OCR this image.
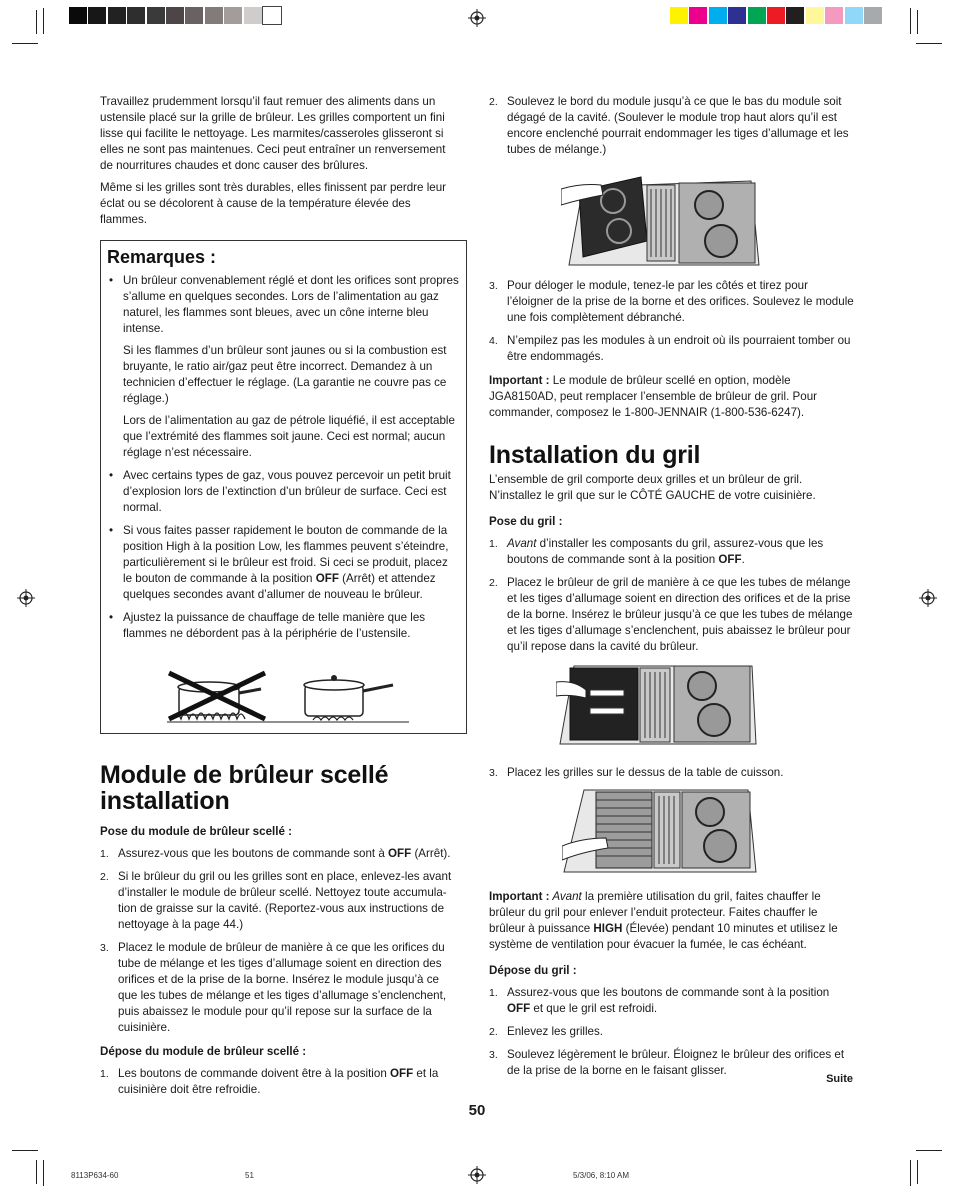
Travaillez prudemment lorsqu’il faut remuer des aliments dans un ustensile placé sur la grille de brûleur. Les grilles comportent un fini lisse qui facilite le nettoyage. Les marmites/casseroles glisseront si elles ne sont pas maintenues. Ceci peut entraîner un renversement de nourritures chaudes et donc causer des brûlures.

Même si les grilles sont très durables, elles finissent par perdre leur éclat ou se décolorent à cause de la température élevée des flammes.

Remarques :
• Un brûleur convenablement réglé et dont les orifices sont propres s’allume en quelques secondes. Lors de l’alimentation au gaz naturel, les flammes sont bleues, avec un cône interne bleu intense.

Si les flammes d’un brûleur sont jaunes ou si la combustion est bruyante, le ratio air/gaz peut être incorrect. Demandez à un technicien d’effectuer le réglage. (La garantie ne couvre pas ce réglage.)

Lors de l’alimentation au gaz de pétrole liquéfié, il est acceptable que l’extrémité des flammes soit jaune. Ceci est normal; aucun réglage n’est nécessaire.

• Avec certains types de gaz, vous pouvez percevoir un petit bruit d’explosion lors de l’extinction d’un brûleur de surface. Ceci est normal.
• Si vous faites passer rapidement le bouton de commande de la position High à la position Low, les flammes peuvent s’éteindre, particulièrement si le brûleur est froid. Si ceci se produit, placez le bouton de commande à la position OFF (Arrêt) et attendez quelques secondes avant d’allumer de nouveau le brûleur.
• Ajustez la puissance de chauffage de telle manière que les flammes ne débordent pas à la périphérie de l’ustensile.
Module de brûleur scellé
installation
Pose du module de brûleur scellé :
1. Assurez-vous que les boutons de commande sont à OFF (Arrêt).
2. Si le brûleur du gril ou les grilles sont en place, enlevez-les avant d’installer le module de brûleur scellé. Nettoyez toute accumula-tion de graisse sur la cavité. (Reportez-vous aux instructions de nettoyage à la page 44.)
3. Placez le module de brûleur de manière à ce que les orifices du tube de mélange et les tiges d’allumage soient en direction des orifices et de la prise de la borne. Insérez le module jusqu’à ce que les tubes de mélange et les tiges d’allumage s’enclenchent, puis abaissez le module pour qu’il repose sur la surface de la cuisinière.
Dépose du module de brûleur scellé :
1. Les boutons de commande doivent être à la position OFF et la cuisinière doit être refroidie.
2. Soulevez le bord du module jusqu’à ce que le bas du module soit dégagé de la cavité. (Soulever le module trop haut alors qu’il est encore enclenché pourrait endommager les tiges d’allumage et les tubes de mélange.)
3. Pour déloger le module, tenez-le par les côtés et tirez pour l’éloigner de la prise de la borne et des orifices. Soulevez le module une fois complètement débranché.
4. N’empilez pas les modules à un endroit où ils pourraient tomber ou être endommagés.

Important : Le module de brûleur scellé en option, modèle JGA8150AD, peut remplacer l’ensemble de brûleur de gril. Pour commander, composez le 1-800-JENNAIR (1-800-536-6247).

Installation du gril

L’ensemble de gril comporte deux grilles et un brûleur de gril. N’installez le gril que sur le CÔTÉ GAUCHE de votre cuisinière.

Pose du gril :
1. Avant d’installer les composants du gril, assurez-vous que les boutons de commande sont à la position OFF.
2. Placez le brûleur de gril de manière à ce que les tubes de mélange et les tiges d’allumage soient en direction des orifices et de la prise de la borne. Insérez le brûleur jusqu’à ce que les tubes de mélange et les tiges d’allumage s’enclenchent, puis abaissez le brûleur pour qu’il repose dans la cavité du brûleur.
3. Placez les grilles sur le dessus de la table de cuisson.

Important : Avant la première utilisation du gril, faites chauffer le brûleur du gril pour enlever l’enduit protecteur. Faites chauffer le brûleur à puissance HIGH (Élevée) pendant 10 minutes et utilisez le système de ventilation pour évacuer la fumée, le cas échéant.

Dépose du gril :
1. Assurez-vous que les boutons de commande sont à la position OFF et que le gril est refroidi.
2. Enlevez les grilles.
3. Soulevez légèrement le brûleur. Éloignez le brûleur des orifices et de la prise de la borne en le faisant glisser.
Suite
50
8113P634-60	51	5/3/06, 8:10 AM
